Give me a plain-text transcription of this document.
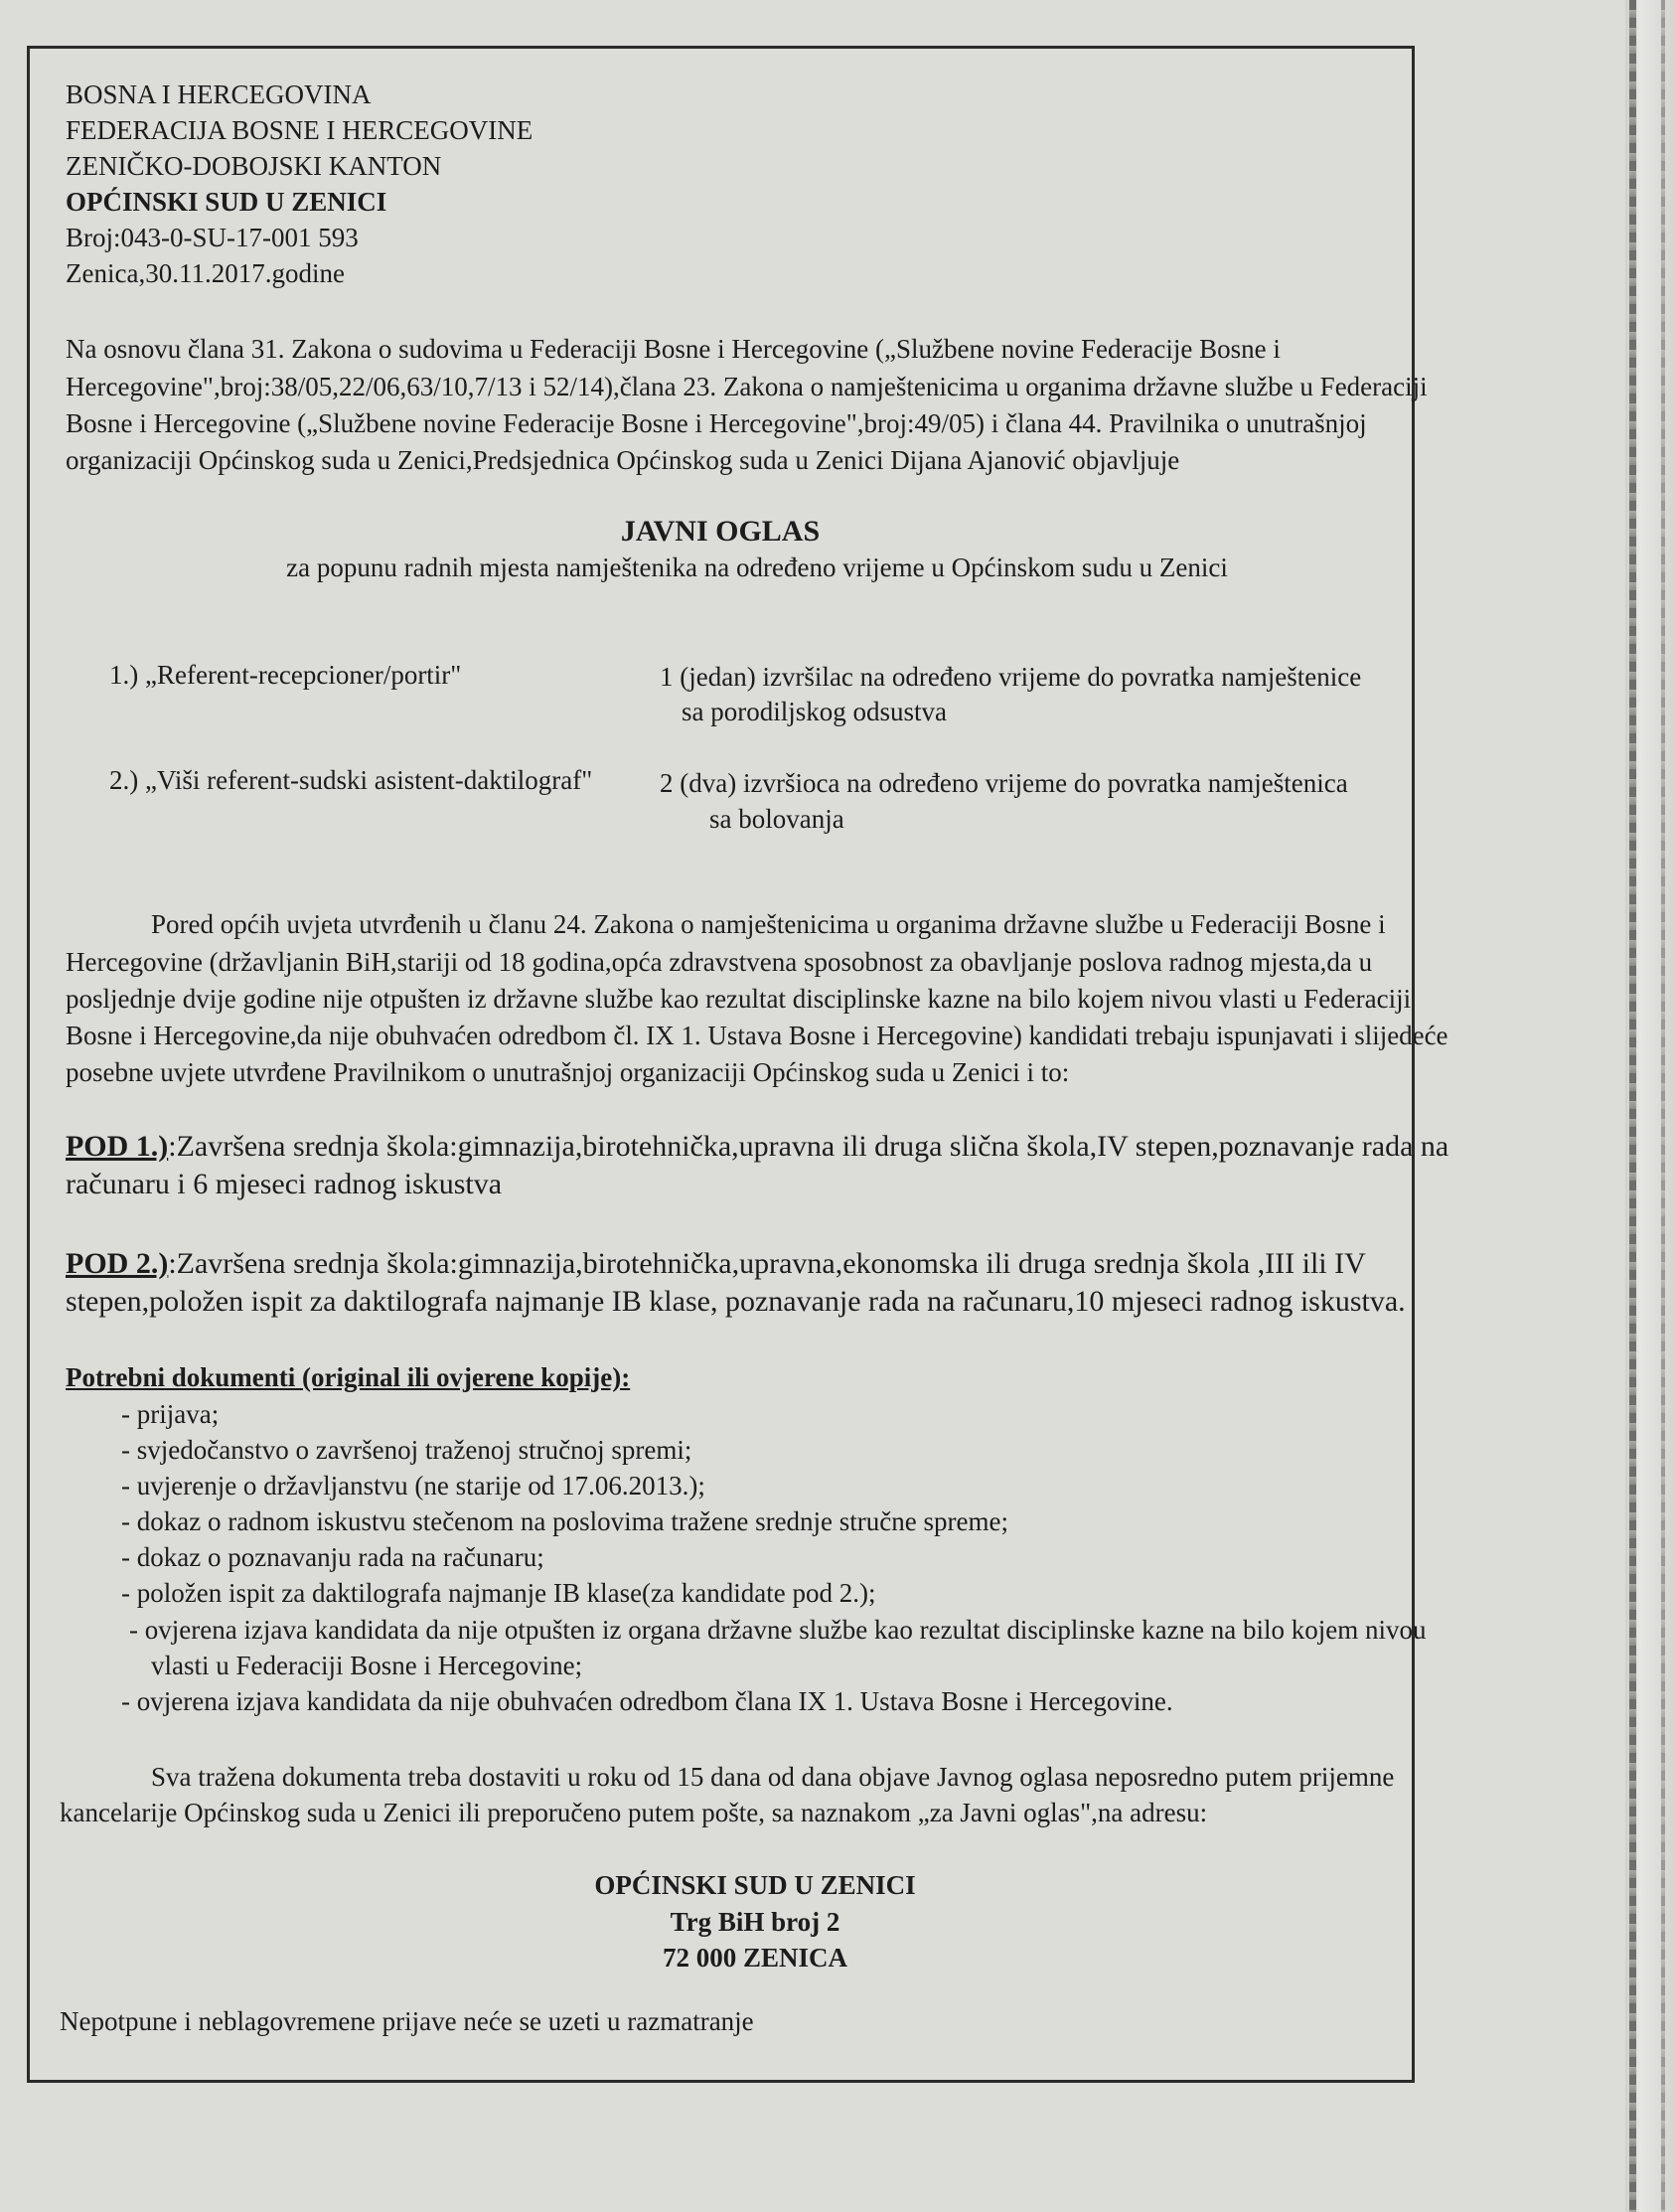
BOSNA I HERCEGOVINA
FEDERACIJA BOSNE I HERCEGOVINE
ZENIČKO-DOBOJSKI KANTON
OPĆINSKI SUD U ZENICI
Broj:043-0-SU-17-001 593
Zenica,30.11.2017.godine
Na osnovu člana 31. Zakona o sudovima u Federaciji Bosne i Hercegovine („Službene novine Federacije Bosne i
Hercegovine",broj:38/05,22/06,63/10,7/13 i 52/14),člana 23. Zakona o namještenicima u organima državne službe u Federaciji
Bosne i Hercegovine („Službene novine Federacije Bosne i Hercegovine",broj:49/05) i člana 44. Pravilnika o unutrašnjoj
organizaciji Općinskog suda u Zenici,Predsjednica Općinskog suda u Zenici Dijana Ajanović objavljuje
JAVNI OGLAS
za popunu radnih mjesta namještenika na određeno vrijeme u Općinskom sudu u Zenici
1.) „Referent-recepcioner/portir"	1 (jedan) izvršilac na određeno vrijeme do povratka namještenice
sa porodiljskog odsustva
2.) „Viši referent-sudski asistent-daktilograf"	2 (dva) izvršioca na određeno vrijeme do povratka namještenica
sa bolovanja
Pored općih uvjeta utvrđenih u članu 24. Zakona o namještenicima u organima državne službe u Federaciji Bosne i
Hercegovine (državljanin BiH,stariji od 18 godina,opća zdravstvena sposobnost za obavljanje poslova radnog mjesta,da u
posljednje dvije godine nije otpušten iz državne službe kao rezultat disciplinske kazne na bilo kojem nivou vlasti u Federaciji
Bosne i Hercegovine,da nije obuhvaćen odredbom čl. IX 1. Ustava Bosne i Hercegovine) kandidati trebaju ispunjavati i slijedeće
posebne uvjete utvrđene Pravilnikom o unutrašnjoj organizaciji Općinskog suda u Zenici i to:
POD 1.):Završena srednja škola:gimnazija,birotehnička,upravna ili druga slična škola,IV stepen,poznavanje rada na
računaru i 6 mjeseci radnog iskustva
POD 2.):Završena srednja škola:gimnazija,birotehnička,upravna,ekonomska ili druga srednja škola ,III ili IV
stepen,položen ispit za daktilografa najmanje IB klase, poznavanje rada na računaru,10 mjeseci radnog iskustva.
Potrebni dokumenti (original ili ovjerene kopije):
- prijava;
- svjedočanstvo o završenoj traženoj stručnoj spremi;
- uvjerenje o državljanstvu (ne starije od 17.06.2013.);
- dokaz o radnom iskustvu stečenom na poslovima tražene srednje stručne spreme;
- dokaz o poznavanju rada na računaru;
- položen ispit za daktilografa najmanje IB klase(za kandidate pod 2.);
- ovjerena izjava kandidata da nije otpušten iz organa državne službe kao rezultat disciplinske kazne na bilo kojem nivou
vlasti u Federaciji Bosne i Hercegovine;
- ovjerena izjava kandidata da nije obuhvaćen odredbom člana IX 1. Ustava Bosne i Hercegovine.
Sva tražena dokumenta treba dostaviti u roku od 15 dana od dana objave Javnog oglasa neposredno putem prijemne
kancelarije Općinskog suda u Zenici ili preporučeno putem pošte, sa naznakom „za Javni oglas",na adresu:
OPĆINSKI SUD U ZENICI
Trg BiH broj 2
72 000 ZENICA
Nepotpune i neblagovremene prijave neće se uzeti u razmatranje
